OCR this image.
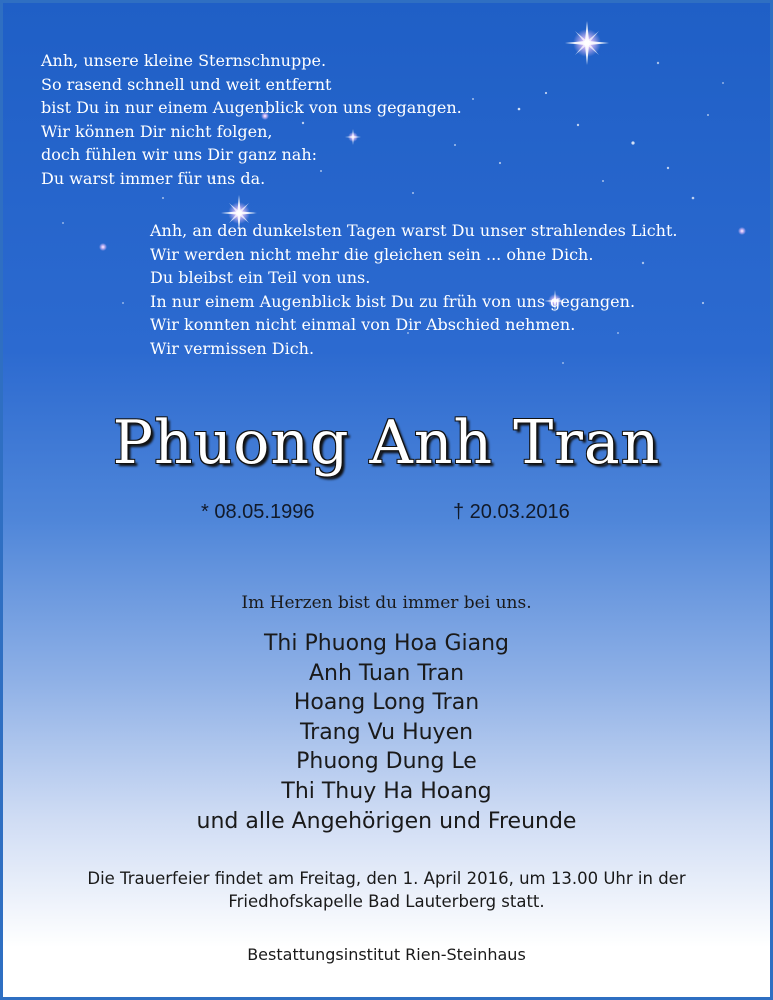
Anh, unsere kleine Sternschnuppe.
So rasend schnell und weit entfernt
bist Du in nur einem Augenblick von uns gegangen.
Wir können Dir nicht folgen,
doch fühlen wir uns Dir ganz nah:
Du warst immer für uns da.
Anh, an den dunkelsten Tagen warst Du unser strahlendes Licht.
Wir werden nicht mehr die gleichen sein ... ohne Dich.
Du bleibst ein Teil von uns.
In nur einem Augenblick bist Du zu früh von uns gegangen.
Wir konnten nicht einmal von Dir Abschied nehmen.
Wir vermissen Dich.
Phuong Anh Tran
* 08.05.1996	† 20.03.2016
Im Herzen bist du immer bei uns.
Thi Phuong Hoa Giang
Anh Tuan Tran
Hoang Long Tran
Trang Vu Huyen
Phuong Dung Le
Thi Thuy Ha Hoang
und alle Angehörigen und Freunde
Die Trauerfeier findet am Freitag, den 1. April 2016, um 13.00 Uhr in der
Friedhofskapelle Bad Lauterberg statt.
Bestattungsinstitut Rien-Steinhaus
